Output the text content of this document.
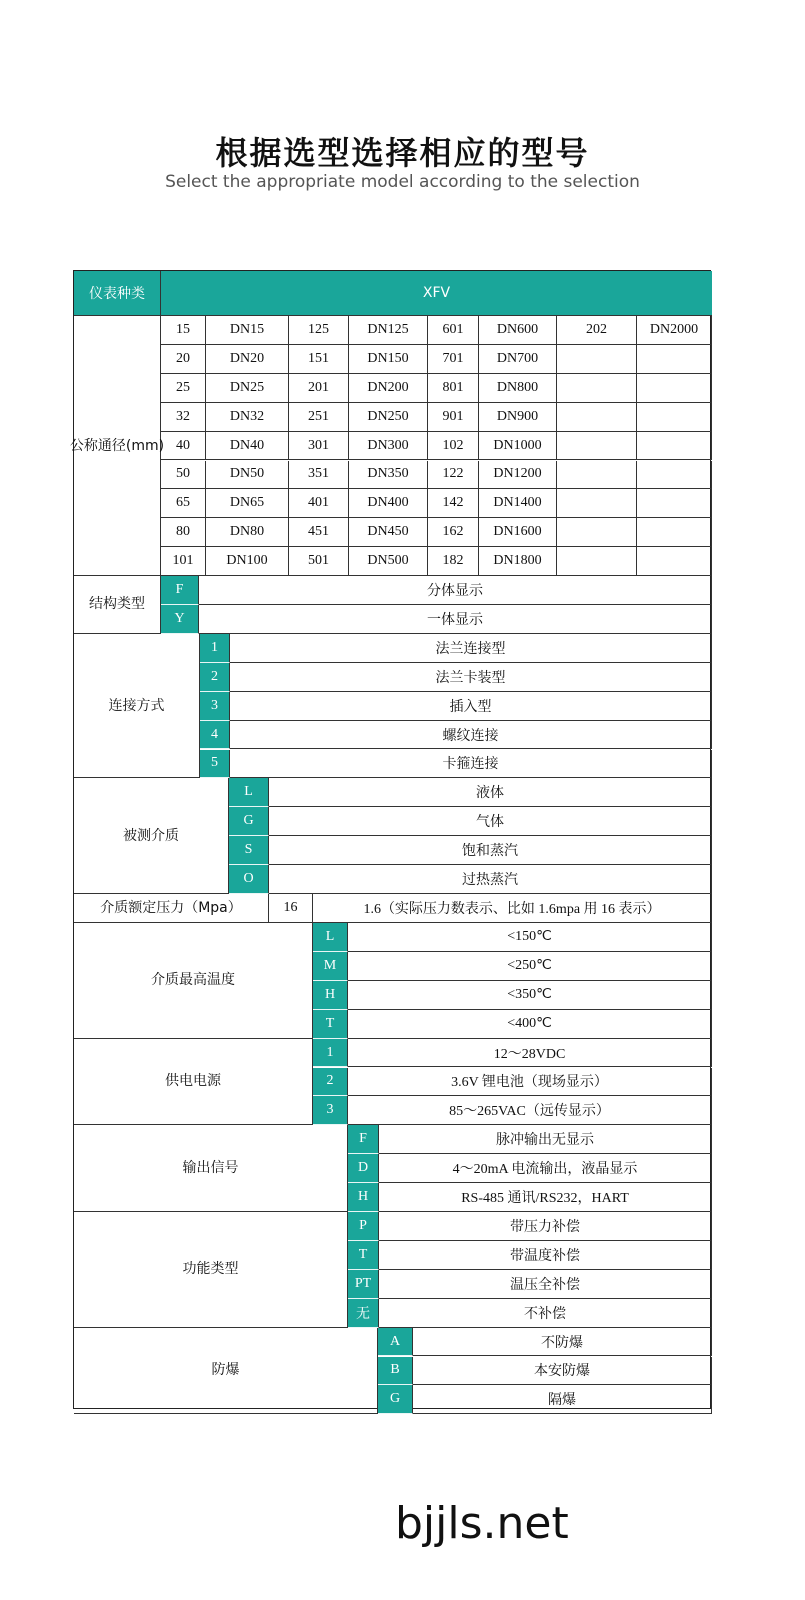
根据选型选择相应的型号
Select the appropriate model according to the selection
仪表种类	XFV
公称通径 (mm)
15	DN15	125	DN125	601	DN600	202	DN2000
20	DN20	151	DN150	701	DN700
25	DN25	201	DN200	801	DN800
32	DN32	251	DN250	901	DN900
40	DN40	301	DN300	102	DN1000
50	DN50	351	DN350	122	DN1200
65	DN65	401	DN400	142	DN1400
80	DN80	451	DN450	162	DN1600
101	DN100	501	DN500	182	DN1800
结构类型
F	分体显示
Y	一体显示
连接方式
1	法兰连接型
2	法兰卡装型
3	插入型
4	螺纹连接
5	卡箍连接
被测介质
L	液体
G	气体
S	饱和蒸汽
O	过热蒸汽
介质额定压力（Mpa）	16	1.6（实际压力数表示、比如 1.6mpa 用 16 表示）
介质最高温度
L	<150℃
M	<250℃
H	<350℃
T	<400℃
供电电源
1	12～28VDC
2	3.6V 锂电池（现场显示）
3	85～265VAC（远传显示）
输出信号
F	脉冲输出无显示
D	4～20mA 电流输出，液晶显示
H	RS-485 通讯/RS232，HART
功能类型
P	带压力补偿
T	带温度补偿
PT	温压全补偿
无	不补偿
防爆
A	不防爆
B	本安防爆
G	隔爆
bjjls.net
